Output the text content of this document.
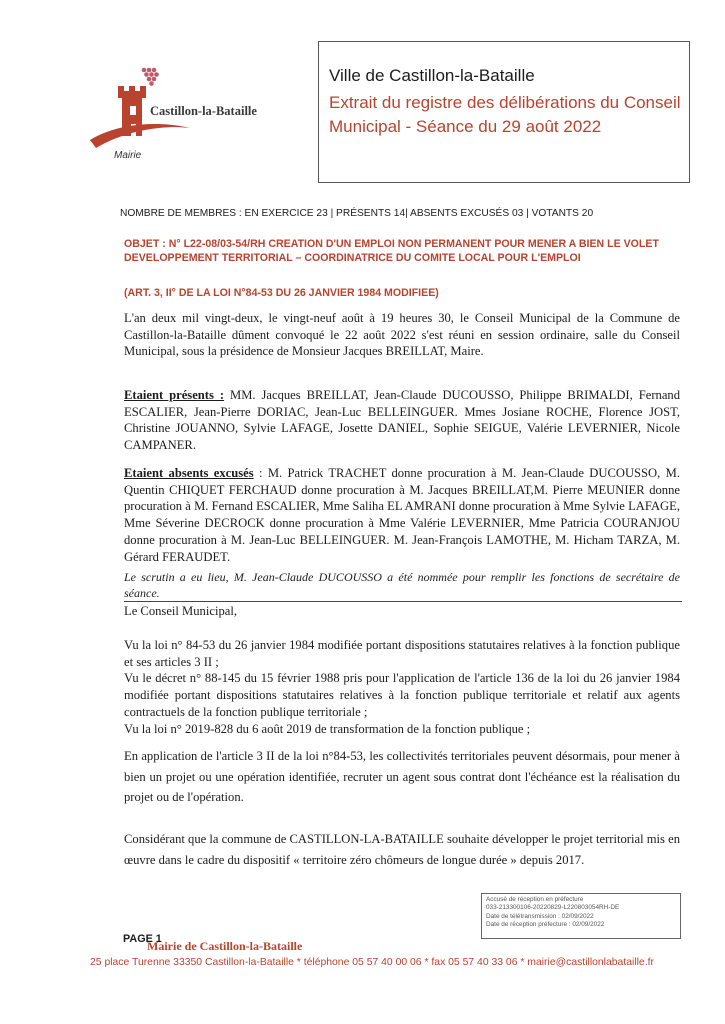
Castillon-la-Bataille
Mairie
Ville de Castillon-la-Bataille
Extrait du registre des délibérations du Conseil Municipal - Séance du 29 août 2022
NOMBRE DE MEMBRES : EN EXERCICE 23 | PRÉSENTS 14| ABSENTS EXCUSÉS 03 | VOTANTS 20
OBJET : N° L22-08/03-54/RH CREATION D'UN EMPLOI NON PERMANENT POUR MENER A BIEN LE VOLET DEVELOPPEMENT TERRITORIAL – COORDINATRICE DU COMITE LOCAL POUR L'EMPLOI
(ART. 3, II° DE LA LOI N°84-53 DU 26 JANVIER 1984 MODIFIEE)
L'an deux mil vingt-deux, le vingt-neuf août à 19 heures 30, le Conseil Municipal de la Commune de Castillon-la-Bataille dûment convoqué le 22 août 2022 s'est réuni en session ordinaire, salle du Conseil Municipal, sous la présidence de Monsieur Jacques BREILLAT, Maire.
Etaient présents : MM. Jacques BREILLAT, Jean-Claude DUCOUSSO, Philippe BRIMALDI, Fernand ESCALIER, Jean-Pierre DORIAC, Jean-Luc BELLEINGUER. Mmes Josiane ROCHE, Florence JOST, Christine JOUANNO, Sylvie LAFAGE, Josette DANIEL, Sophie SEIGUE, Valérie LEVERNIER, Nicole CAMPANER.
Etaient absents excusés : M. Patrick TRACHET donne procuration à M. Jean-Claude DUCOUSSO, M. Quentin CHIQUET FERCHAUD donne procuration à M. Jacques BREILLAT,M. Pierre MEUNIER donne procuration à M. Fernand ESCALIER, Mme Saliha EL AMRANI donne procuration à Mme Sylvie LAFAGE, Mme Séverine DECROCK donne procuration à Mme Valérie LEVERNIER, Mme Patricia COURANJOU donne procuration à M. Jean-Luc BELLEINGUER. M. Jean-François LAMOTHE, M. Hicham TARZA, M. Gérard FERAUDET.
Le scrutin a eu lieu, M. Jean-Claude DUCOUSSO a été nommée pour remplir les fonctions de secrétaire de séance.
Le Conseil Municipal,
Vu la loi n° 84-53 du 26 janvier 1984 modifiée portant dispositions statutaires relatives à la fonction publique et ses articles 3 II ;
Vu le décret n° 88-145 du 15 février 1988 pris pour l'application de l'article 136 de la loi du 26 janvier 1984 modifiée portant dispositions statutaires relatives à la fonction publique territoriale et relatif aux agents contractuels de la fonction publique territoriale ;
Vu la loi n° 2019-828 du 6 août 2019 de transformation de la fonction publique ;
En application de l'article 3 II de la loi n°84-53, les collectivités territoriales peuvent désormais, pour mener à bien un projet ou une opération identifiée, recruter un agent sous contrat dont l'échéance est la réalisation du projet ou de l'opération.
Considérant que la commune de CASTILLON-LA-BATAILLE souhaite développer le projet territorial mis en œuvre dans le cadre du dispositif « territoire zéro chômeurs de longue durée » depuis 2017.
Accusé de réception en préfecture
033-213300106-20220829-L220803054RH-DE
Date de télétransmission : 02/09/2022
Date de réception préfecture : 02/09/2022
PAGE 1
Mairie de Castillon-la-Bataille
25 place Turenne 33350 Castillon-la-Bataille * téléphone 05 57 40 00 06 * fax 05 57 40 33 06 * mairie@castillonlabataille.fr
